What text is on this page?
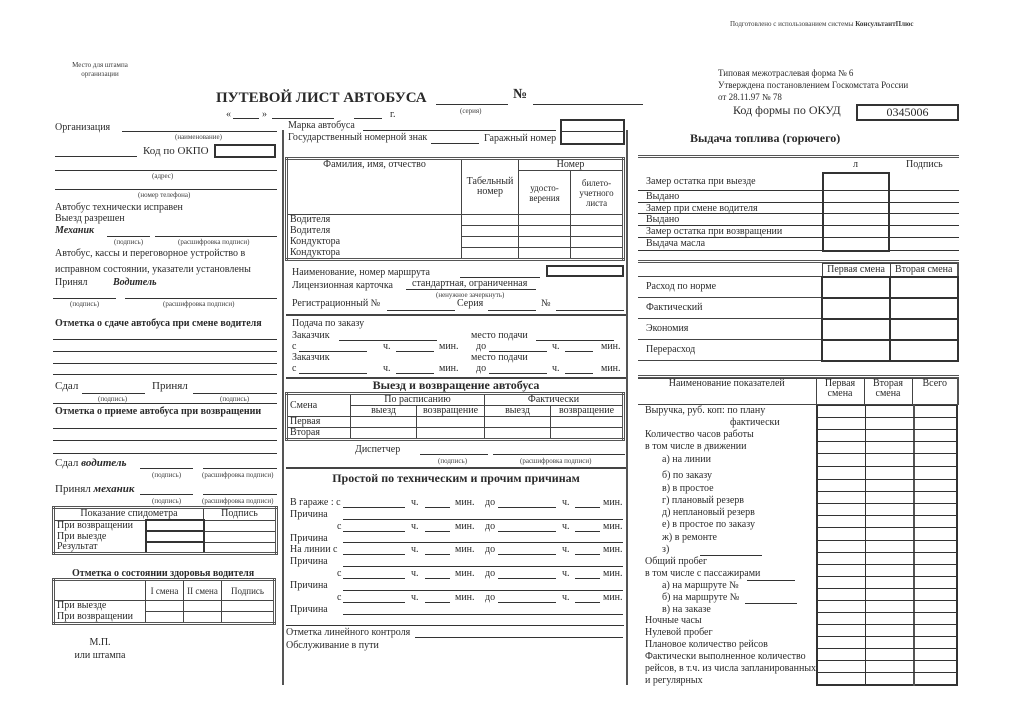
Подготовлено с использованием системы КонсультантПлюс
Место для штампа
организации
ПУТЕВОЙ ЛИСТ АВТОБУСА
(серия)
№
«	»	г.
Типовая межотраслевая форма № 6
Утверждена постановлением Госкомстата России
от 28.11.97 № 78
Код формы по ОКУД	0345006
Организация
(наименование)
Код по ОКПО
(адрес)
(номер телефона)
Автобус технически исправен
Выезд разрешен
Механик
(подпись)	(расшифровка подписи)
Автобус, кассы и переговорное устройство в
исправном состоянии, указатели установлены
Принял	Водитель
(подпись)	(расшифровка подписи)
Отметка о сдаче автобуса при смене водителя
Сдал	Принял
(подпись)	(подпись)
Отметка о приеме автобуса при возвращении
Сдал водитель
(подпись)	(расшифровка подписи)
Принял механик
(подпись)	(расшифровка подписи)
Показание спидометра		Подпись
При возвращении		
При выезде		
Результат		
Отметка о состоянии здоровья водителя
	I смена	II смена	Подпись
При выезде			
При возвращении			
М.П.
или штампа
Марка автобуса
Государственный номерной знак	Гаражный номер
Фамилия, имя, отчество	Табельный номер	Номер	
		удосто-верения	билето-учетного листа
Водителя			
Водителя			
Кондуктора			
Кондуктора			
Наименование, номер маршрута
Лицензионная карточка стандартная, ограниченная
(ненужное зачеркнуть)
Регистрационный №	Серия	№
Подача по заказу
Заказчик	место подачи
с	ч.	мин. до	ч.	мин.
Заказчик	место подачи
с	ч.	мин. до	ч.	мин.
Выезд и возвращение автобуса
Смена	По расписанию		Фактически	
	выезд	возвращение	выезд	возвращение
Первая				
Вторая				
Диспетчер
(подпись)	(расшифровка подписи)
Простой по техническим и прочим причинам
В гараже : с
Причина
с
Причина
На линии с
Причина
с
Причина
с
Причина
ч.	мин. до	ч.	мин.
ч.	мин. до	ч.	мин.
ч.	мин. до	ч.	мин.
ч.	мин. до	ч.	мин.
ч.	мин. до	ч.	мин.
Отметка линейного контроля
Обслуживание в пути
Выдача топлива (горючего)
л	Подпись
Замер остатка при выезде
Выдано
Замер при смене водителя
Выдано
Замер остатка при возвращении
Выдача масла
	Первая смена	Вторая смена
Расход по норме		
Фактический		
Экономия		
Перерасход		
Наименование показателей	Первая смена	Вторая смена	Всего
Выручка, руб. коп: по плану
фактически
Количество часов работы
в том числе в движении
а) на линии
б) по заказу
в) в простое
г) плановый резерв
д) неплановый резерв
е) в простое по заказу
ж) в ремонте
з)
Общий пробег
в том числе с пассажирами
а) на маршруте №
б) на маршруте №
в) на заказе
Ночные часы
Нулевой пробег
Плановое количество рейсов
Фактически выполненное количество
рейсов, в т.ч. из числа запланированных
и регулярных
